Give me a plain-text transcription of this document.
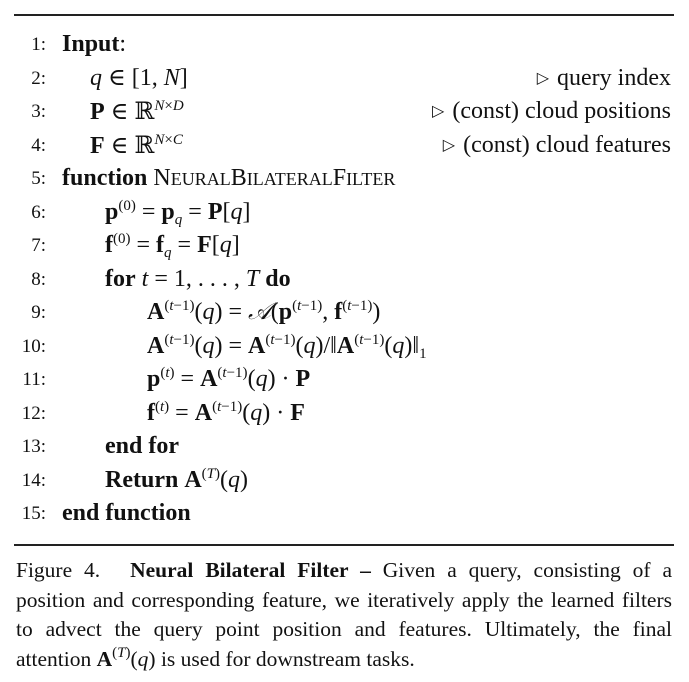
1: Input:
2: q ∈ [1, N]	▷ query index
3: P ∈ ℝ$^{N\times D}$	▷ (const) cloud positions
4: F ∈ ℝ$^{N\times C}$	▷ (const) cloud features
5: function NEURALBILATERALFILTER
6: $p^{(0)} = p_q = P[q]$
7: $f^{(0)} = f_q = F[q]$
8: for t = 1, . . . , T do
9:	$A^{(t-1)}(q)$ = $𝒜(p^{(t-1)}$, $f^{(t-1)}$)
10:	$A^{(t-1)}(q)$ = $A^{(t-1)}(q)/‖A^{(t-1)}(q)‖_1$
11:	$p^{(t)} = A^{(t-1)}(q) \cdot P$
12:	$f^{(t)} = A^{(t-1)}(q) \cdot F$
13: end for
14: Return $A^{(T)}(q)$
15: end function
Figure 4. Neural Bilateral Filter – Given a query, consisting of a position and corresponding feature, we iteratively apply the learned filters to advect the query point position and features. Ultimately, the final attention $A^{(T)}(q)$ is used for downstream tasks.
